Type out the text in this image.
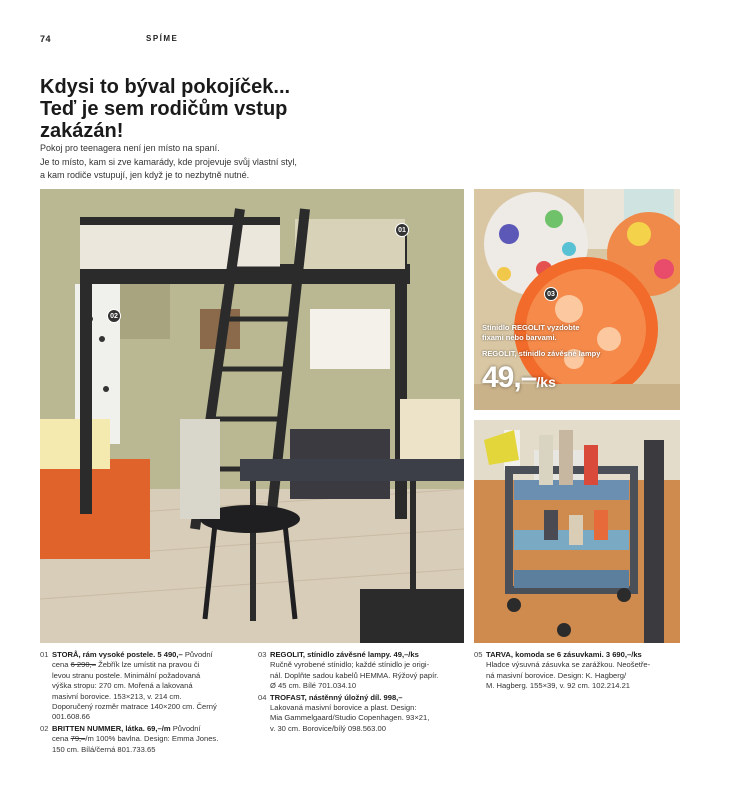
74	SPÍME
Kdysi to býval pokojíček...
Teď je sem rodičům vstup
zakázán!
Pokoj pro teenagera není jen místo na spaní.
Je to místo, kam si zve kamarády, kde projevuje svůj vlastní styl,
a kam rodiče vstupují, jen když je to nezbytně nutné.
01
02
03
Stínidlo REGOLIT vyzdobte
fixami nebo barvami.
REGOLIT, stínidlo závěsné lampy
49,–/ks
01 STORÅ, rám vysoké postele. 5 490,– Původní
cena 6 290,– Žebřík lze umístit na pravou či
levou stranu postele. Minimální požadovaná
výška stropu: 270 cm. Mořená a lakovaná
masivní borovice. 153×213, v. 214 cm.
Doporučený rozměr matrace 140×200 cm. Černý
001.608.66
02 BRITTEN NUMMER, látka. 69,–/m Původní
cena 79,–/m 100% bavlna. Design: Emma Jones.
150 cm. Bílá/černá 801.733.65
03 REGOLIT, stínidlo závěsné lampy. 49,–/ks
Ručně vyrobené stínidlo; každé stínidlo je origi-
nál. Doplňte sadou kabelů HEMMA. Rýžový papír.
Ø 45 cm. Bílé 701.034.10
04 TROFAST, nástěnný úložný díl. 998,–
Lakovaná masivní borovice a plast. Design:
Mia Gammelgaard/Studio Copenhagen. 93×21,
v. 30 cm. Borovice/bílý 098.563.00
05 TARVA, komoda se 6 zásuvkami. 3 690,–/ks
Hladce výsuvná zásuvka se zarážkou. Neošetře-
ná masivní borovice. Design: K. Hagberg/
M. Hagberg. 155×39, v. 92 cm. 102.214.21
